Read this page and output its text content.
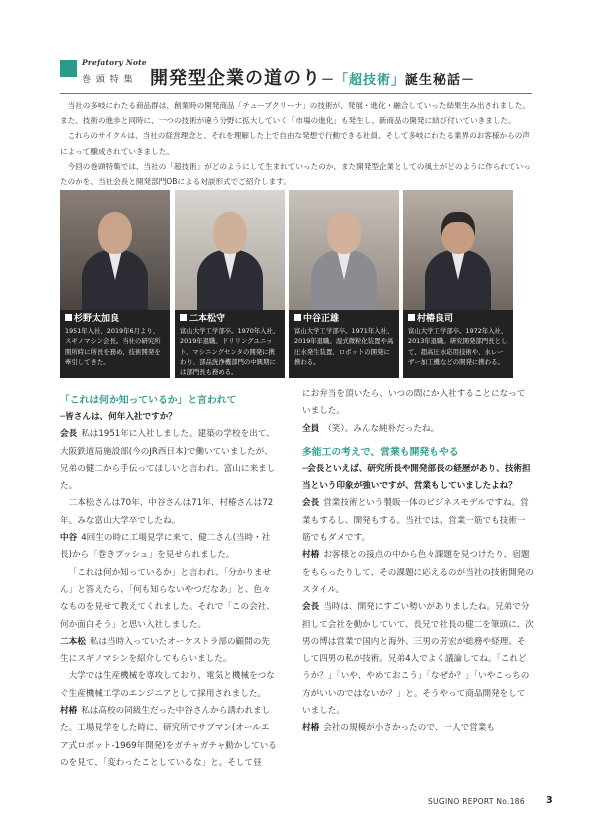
Prefatory Note
巻 頭 特 集 開発型企業の道のり－「超技術」誕生秘話－

当社の多岐にわたる商品群は、創業時の開発商品「チューブクリーナ」の技術が、発展・進化・融合していった結果生み出されました。また、技術の進歩と同時に、一つの技術が違う分野に拡大していく「市場の進化」も発生し、新商品の開発に結び付いていきました。

これらのサイクルは、当社の経営理念と、それを理解した上で自由な発想で行動できる社員、そして多岐にわたる業界のお客様からの声によって醸成されていきました。

今回の巻頭特集では、当社の「超技術」がどのようにして生まれていったのか、また開発型企業としての風土がどのように作られていったのかを、当社会長と開発部門OBによる対談形式でご紹介します。

杉野太加良
1951年入社、2019年6月より、スギノマシン会長。当社の研究所開所時に所長を務め、技術開発を牽引してきた。
二本松守
富山大学工学部卒。1970年入社、2019年退職。ドリリングユニット、マシニングセンタの開発に携わり、部品洗浄機部門の中興期には部門長も務める。
中谷正雄
富山大学工学部卒。1971年入社、2019年退職。湿式微粒化装置や高圧水発生装置、ロボットの開発に携わる。
村椿良司
富山大学工学部卒。1972年入社、2013年退職。研究開発部門長として、超高圧水応用技術や、水レーザー加工機などの開発に携わる。

「これは何か知っているか」と言われて

─皆さんは、何年入社ですか？

会長 私は1951年に入社しました。建築の学校を出て、大阪鉄道局施設部(今のJR西日本)で働いていましたが、兄弟の健二から手伝ってほしいと言われ、富山に来ました。

二本松さんは70年、中谷さんは71年、村椿さんは72年。みな富山大学卒でしたね。

中谷 4回生の時に工場見学に来て、健二さん(当時・社長)から「巻きプッシュ」を見せられました。

「これは何か知っているか」と言われ、「分かりません」と答えたら、「何も知らないやつだなあ」と、色々なものを見せて教えてくれました。それで「この会社、何か面白そう」と思い入社しました。

二本松 私は当時入っていたオーケストラ部の顧問の先生にスギノマシンを紹介してもらいました。

大学では生産機械を専攻しており、電気と機械をつなぐ生産機械工学のエンジニアとして採用されました。

村椿 私は高校の同級生だった中谷さんから誘われました。工場見学をした時に、研究所でサブマン(オールエア式ロボット-1969年開発)をガチャガチャ動かしているのを見て、「変わったことしているな」と。そして昼

にお弁当を頂いたら、いつの間にか入社することになっていました。

全員 （笑）。みんな純朴だったね。

多能工の考えで、営業も開発もやる

─会長といえば、研究所長や開発部長の経歴があり、技術担当という印象が強いですが、営業もしていましたよね？

会長 営業技術という製販一体のビジネスモデルですね。営業もするし、開発もする。当社では、営業一筋でも技術一筋でもダメです。

村椿 お客様との接点の中から色々課題を見つけたり、宿題をもらったりして、その課題に応えるのが当社の技術開発のスタイル。

会長 当時は、開発にすごい勢いがありましたね。兄弟で分担して会社を動かしていて、長兄で社長の健二を筆頭に、次男の博は営業で国内と海外、三男の芳宏が総務や経理、そして四男の私が技術。兄弟4人でよく議論してね。「これどうか？」「いや、やめておこう」「なぜか？」「いやこっちの方がいいのではないか？」と。そうやって商品開発をしていました。

村椿 会社の規模が小さかったので、一人で営業も

SUGINO REPORT No.186 3
